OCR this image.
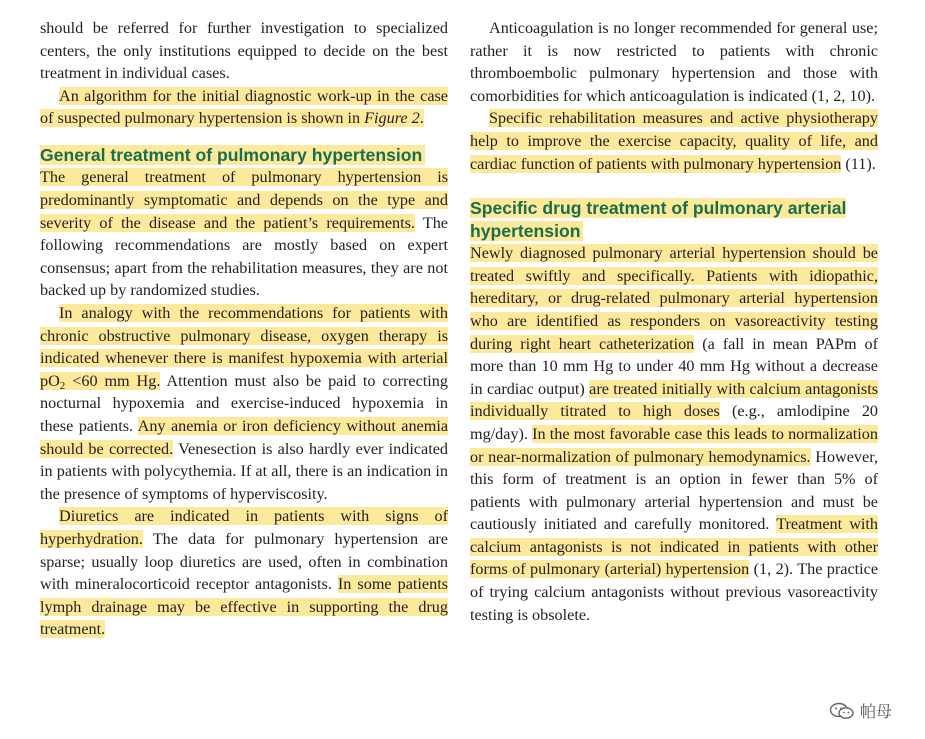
should be referred for further investigation to specialized centers, the only institutions equipped to decide on the best treatment in individual cases.

An algorithm for the initial diagnostic work-up in the case of suspected pulmonary hypertension is shown in Figure 2.

General treatment of pulmonary hypertension

The general treatment of pulmonary hypertension is predominantly symptomatic and depends on the type and severity of the disease and the patient’s requirements. The following recommendations are mostly based on expert consensus; apart from the rehabilitation measures, they are not backed up by randomized studies.

In analogy with the recommendations for patients with chronic obstructive pulmonary disease, oxygen therapy is indicated whenever there is manifest hypoxemia with arterial $pO_2 <60$ mm Hg. Attention must also be paid to correcting nocturnal hypoxemia and exercise-induced hypoxemia in these patients. Any anemia or iron deficiency without anemia should be corrected. Venesection is also hardly ever indicated in patients with polycythemia. If at all, there is an indication in the presence of symptoms of hyperviscosity.

Diuretics are indicated in patients with signs of hyperhydration. The data for pulmonary hypertension are sparse; usually loop diuretics are used, often in combination with mineralocorticoid receptor antagonists. In some patients lymph drainage may be effective in supporting the drug treatment.

Anticoagulation is no longer recommended for general use; rather it is now restricted to patients with chronic thromboembolic pulmonary hypertension and those with comorbidities for which anticoagulation is indicated (1, 2, 10).

Specific rehabilitation measures and active physiotherapy help to improve the exercise capacity, quality of life, and cardiac function of patients with pulmonary hypertension (11).

Specific drug treatment of pulmonary arterial hypertension

Newly diagnosed pulmonary arterial hypertension should be treated swiftly and specifically. Patients with idiopathic, hereditary, or drug-related pulmonary arterial hypertension who are identified as responders on vasoreactivity testing during right heart catheterization (a fall in mean PAPm of more than 10 mm Hg to under 40 mm Hg without a decrease in cardiac output) are treated initially with calcium antagonists individually titrated to high doses (e.g., amlodipine 20 mg/day). In the most favorable case this leads to normalization or near-normalization of pulmonary hemodynamics. However, this form of treatment is an option in fewer than 5% of patients with pulmonary arterial hypertension and must be cautiously initiated and carefully monitored. Treatment with calcium antagonists is not indicated in patients with other forms of pulmonary (arterial) hypertension (1, 2). The practice of trying calcium antagonists without previous vasoreactivity testing is obsolete.

帕母
